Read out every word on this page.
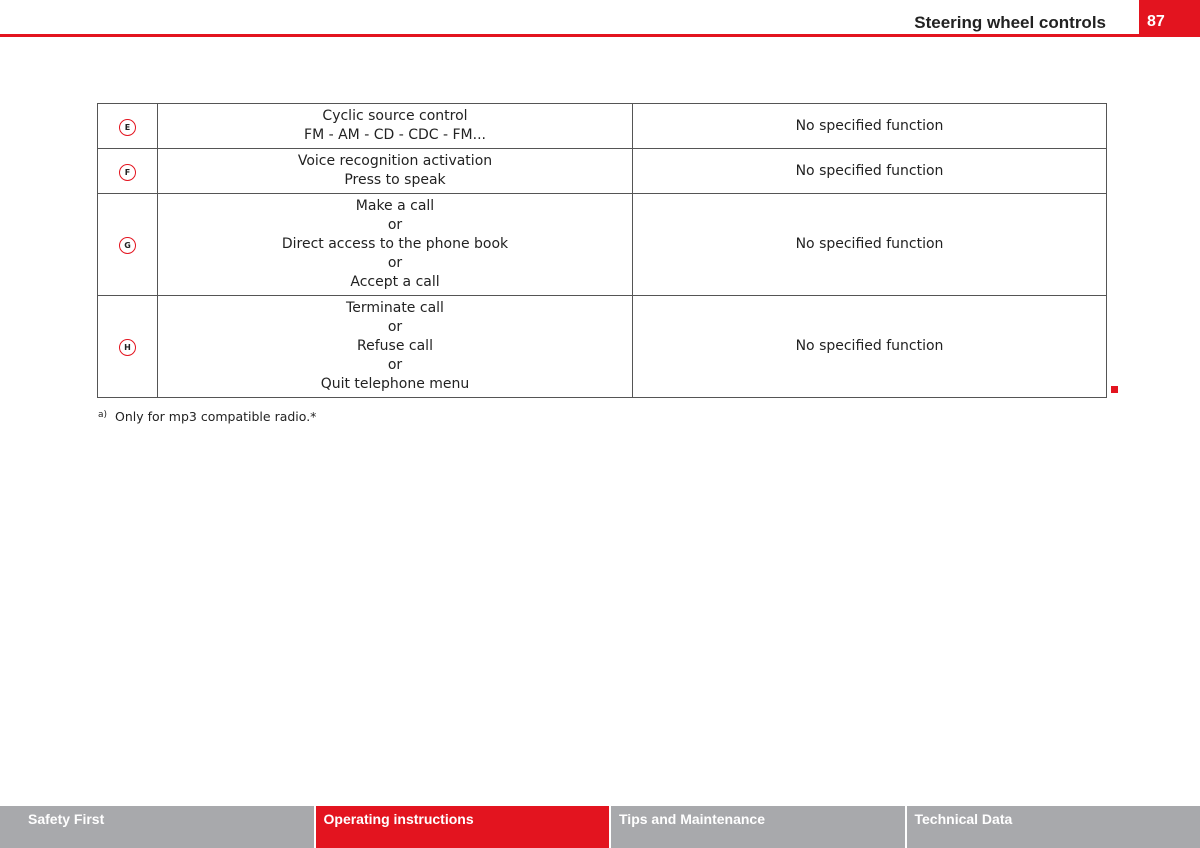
Steering wheel controls	87
E	Cyclic source control
FM - AM - CD - CDC - FM...	No specified function
F	Voice recognition activation
Press to speak	No specified function
G	Make a call
or
Direct access to the phone book
or
Accept a call	No specified function
H	Terminate call
or
Refuse call
or
Quit telephone menu	No specified function
$^{a)}$ Only for mp3 compatible radio.*
Safety First	Operating instructions	Tips and Maintenance	Technical Data
